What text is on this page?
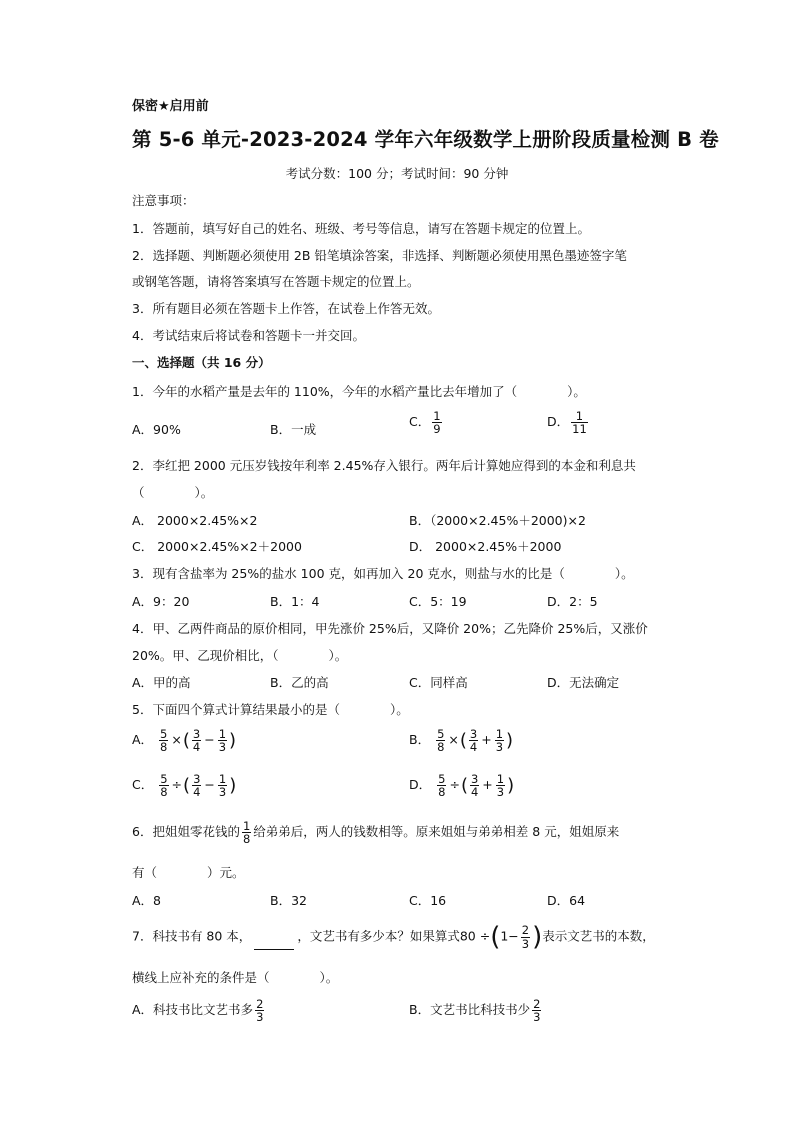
保密★启用前
第 5-6 单元-2023-2024 学年六年级数学上册阶段质量检测 B 卷
考试分数：100 分；考试时间：90 分钟
注意事项：
1．答题前，填写好自己的姓名、班级、考号等信息，请写在答题卡规定的位置上。
2．选择题、判断题必须使用 2B 铅笔填涂答案，非选择、判断题必须使用黑色墨迹签字笔
或钢笔答题，请将答案填写在答题卡规定的位置上。
3．所有题目必须在答题卡上作答，在试卷上作答无效。
4．考试结束后将试卷和答题卡一并交回。
一、选择题（共 16 分）
1．今年的水稻产量是去年的 110%，今年的水稻产量比去年增加了（	）。
A．90%	B．一成
C． $\frac{1}{9}$	D． $\frac{1}{11}$
2．李红把 2000 元压岁钱按年利率 2.45%存入银行。两年后计算她应得到的本金和利息共
（	）。
A． 2000×2.45%×2	B．（2000×2.45%＋2000)×2
C． 2000×2.45%×2＋2000	D． 2000×2.45%＋2000
3．现有含盐率为 25%的盐水 100 克，如再加入 20 克水，则盐与水的比是（	）。
A．9：20	B．1：4	C．5：19	D．2：5
4．甲、乙两件商品的原价相同，甲先涨价 25%后，又降价 20%；乙先降价 25%后，又涨价
20%。甲、乙现价相比，（	）。
A．甲的高	B．乙的高	C．同样高	D．无法确定
5．下面四个算式计算结果最小的是（	）。
A． $\frac{5}{8}$ ×( $\frac{3}{4} - \frac{1}{3}$ )	B． $\frac{5}{8}$ ×( $\frac{3}{4} + \frac{1}{3}$ )
C． $\frac{5}{8}$ ÷( $\frac{3}{4} - \frac{1}{3}$ )	D． $\frac{5}{8}$ ÷( $\frac{3}{4} + \frac{1}{3}$ )
6．把姐姐零花钱的 $\frac{1}{8}$ 给弟弟后，两人的钱数相等。原来姐姐与弟弟相差 8 元，姐姐原来
有（	）元。
A．8	B．32	C．16	D．64
7．科技书有 80 本，	，文艺书有多少本？如果算式$80 \div(1- \frac{2}{3}$ )表示文艺书的本数，
横线上应补充的条件是（	）。
A．科技书比文艺书多 $\frac{2}{3}$	B．文艺书比科技书少 $\frac{2}{3}$
